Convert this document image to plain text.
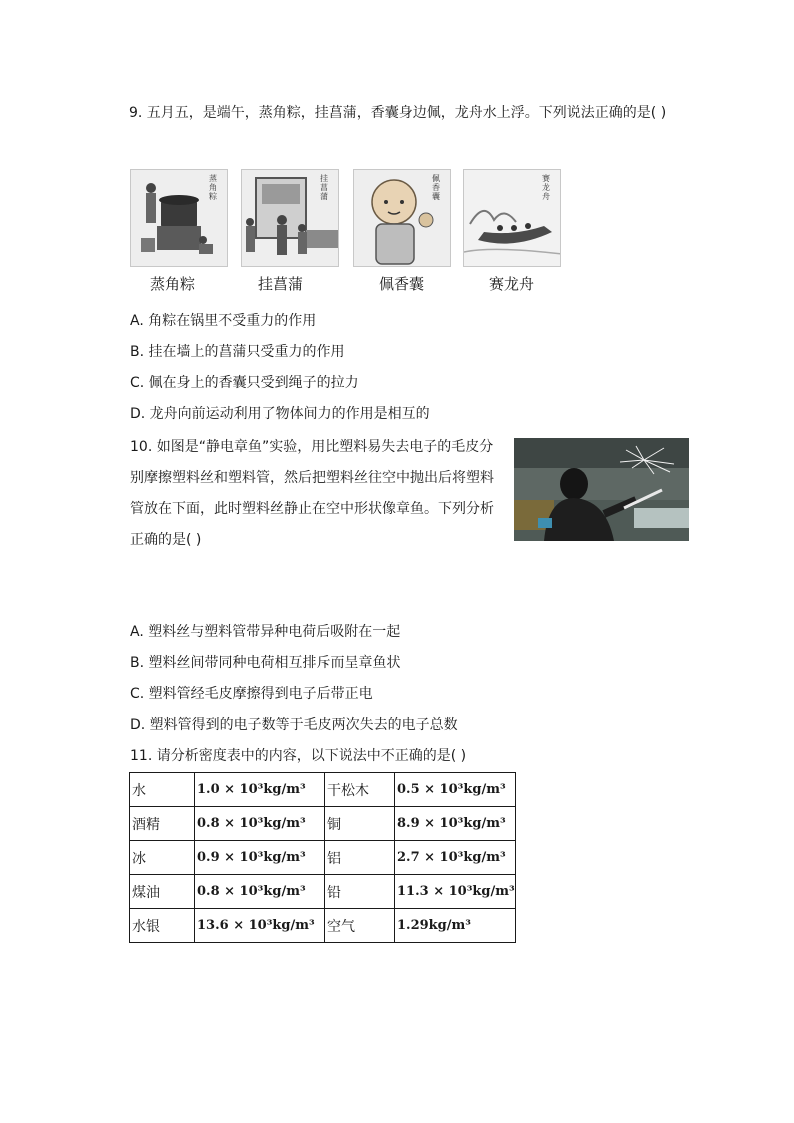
9. 五月五，是端午，蒸角粽，挂菖蒲，香囊身边佩，龙舟水上浮。下列说法正确的是( )
蒸角粽
蒸角粽
挂菖蒲
挂菖蒲
佩香囊
佩香囊
赛龙舟
赛龙舟
A. 角粽在锅里不受重力的作用
B. 挂在墙上的菖蒲只受重力的作用
C. 佩在身上的香囊只受到绳子的拉力
D. 龙舟向前运动利用了物体间力的作用是相互的
10. 如图是“静电章鱼”实验，用比塑料易失去电子的毛皮分别摩擦塑料丝和塑料管，然后把塑料丝往空中抛出后将塑料管放在下面，此时塑料丝静止在空中形状像章鱼。下列分析正确的是( )
A. 塑料丝与塑料管带异种电荷后吸附在一起
B. 塑料丝间带同种电荷相互排斥而呈章鱼状
C. 塑料管经毛皮摩擦得到电子后带正电
D. 塑料管得到的电子数等于毛皮两次失去的电子总数
11. 请分析密度表中的内容，以下说法中不正确的是( )
水	1.0 × 10³kg/m³	干松木	0.5 × 10³kg/m³
酒精	0.8 × 10³kg/m³	铜	8.9 × 10³kg/m³
冰	0.9 × 10³kg/m³	铝	2.7 × 10³kg/m³
煤油	0.8 × 10³kg/m³	铅	11.3 × 10³kg/m³
水银	13.6 × 10³kg/m³	空气	1.29kg/m³
